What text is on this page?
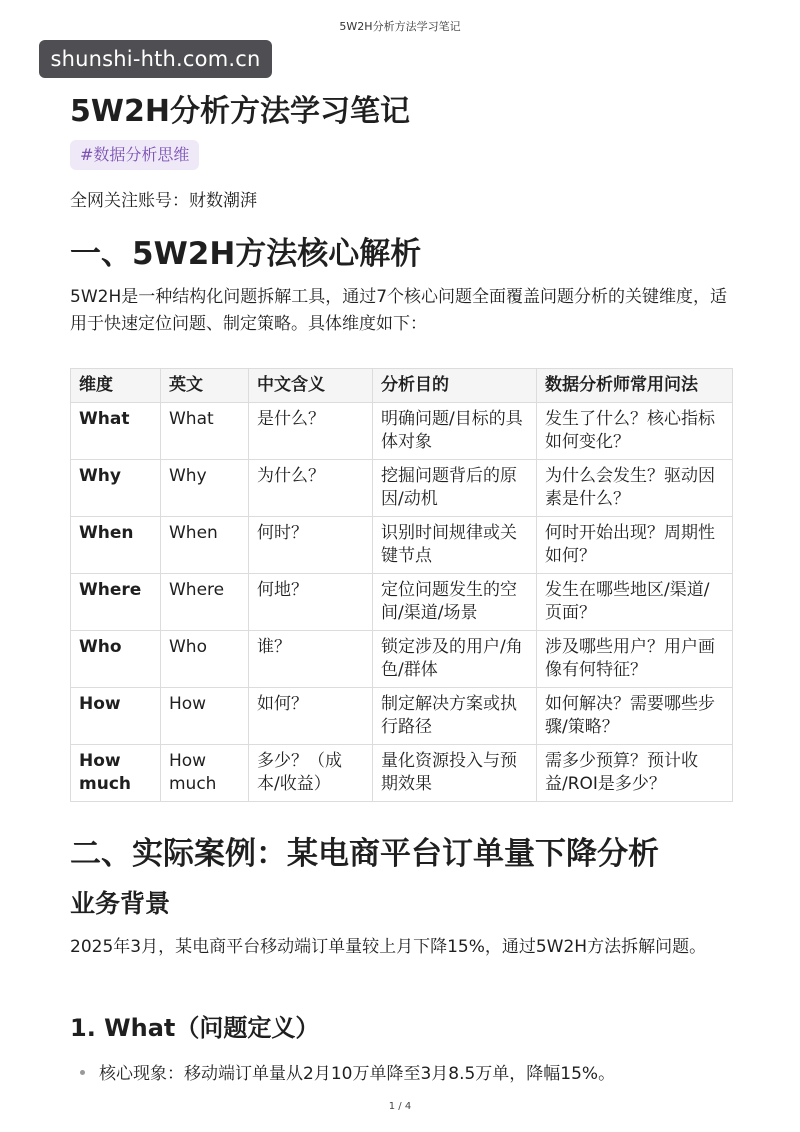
5W2H分析方法学习笔记
5W2H分析方法学习笔记
#数据分析思维
全网关注账号：财数潮湃
一、5W2H方法核心解析
5W2H是一种结构化问题拆解工具，通过7个核心问题全面覆盖问题分析的关键维度，适用于快速定位问题、制定策略。具体维度如下：
维度	英文	中文含义	分析目的	数据分析师常用问法
What	What	是什么？	明确问题/目标的具体对象	发生了什么？核心指标如何变化？
Why	Why	为什么？	挖掘问题背后的原因/动机	为什么会发生？驱动因素是什么？
When	When	何时？	识别时间规律或关键节点	何时开始出现？周期性如何？
Where	Where	何地？	定位问题发生的空间/渠道/场景	发生在哪些地区/渠道/页面？
Who	Who	谁？	锁定涉及的用户/角色/群体	涉及哪些用户？用户画像有何特征？
How	How	如何？	制定解决方案或执行路径	如何解决？需要哪些步骤/策略？
How much	How much	多少？（成本/收益）	量化资源投入与预期效果	需多少预算？预计收益/ROI是多少？
二、实际案例：某电商平台订单量下降分析
业务背景
2025年3月，某电商平台移动端订单量较上月下降15%，通过5W2H方法拆解问题。
1. What（问题定义）
核心现象：移动端订单量从2月10万单降至3月8.5万单，降幅15%。
shunshi-hth.com.cn
1 / 4
